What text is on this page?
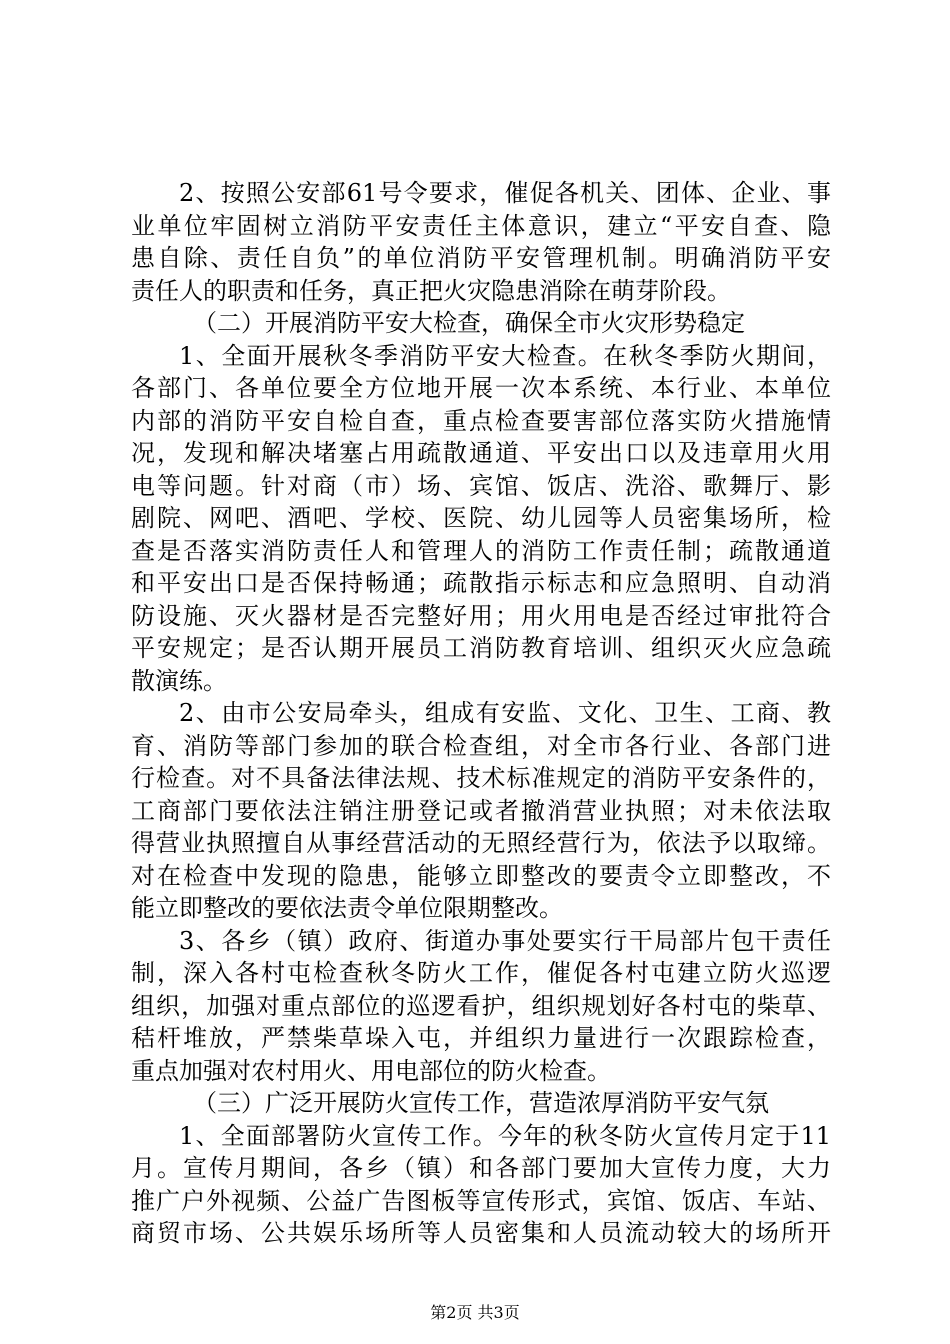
2、按照公安部61号令要求，催促各机关、团体、企业、事
业单位牢固树立消防平安责任主体意识，建立“平安自查、隐
患自除、责任自负”的单位消防平安管理机制。明确消防平安
责任人的职责和任务，真正把火灾隐患消除在萌芽阶段。
（二）开展消防平安大检查，确保全市火灾形势稳定
1、全面开展秋冬季消防平安大检查。在秋冬季防火期间，
各部门、各单位要全方位地开展一次本系统、本行业、本单位
内部的消防平安自检自查，重点检查要害部位落实防火措施情
况，发现和解决堵塞占用疏散通道、平安出口以及违章用火用
电等问题。针对商（市）场、宾馆、饭店、洗浴、歌舞厅、影
剧院、网吧、酒吧、学校、医院、幼儿园等人员密集场所，检
查是否落实消防责任人和管理人的消防工作责任制；疏散通道
和平安出口是否保持畅通；疏散指示标志和应急照明、自动消
防设施、灭火器材是否完整好用；用火用电是否经过审批符合
平安规定；是否认期开展员工消防教育培训、组织灭火应急疏
散演练。
2、由市公安局牵头，组成有安监、文化、卫生、工商、教
育、消防等部门参加的联合检查组，对全市各行业、各部门进
行检查。对不具备法律法规、技术标准规定的消防平安条件的，
工商部门要依法注销注册登记或者撤消营业执照；对未依法取
得营业执照擅自从事经营活动的无照经营行为，依法予以取缔。
对在检查中发现的隐患，能够立即整改的要责令立即整改，不
能立即整改的要依法责令单位限期整改。
3、各乡（镇）政府、街道办事处要实行干局部片包干责任
制，深入各村屯检查秋冬防火工作，催促各村屯建立防火巡逻
组织，加强对重点部位的巡逻看护，组织规划好各村屯的柴草、
秸杆堆放，严禁柴草垛入屯，并组织力量进行一次跟踪检查，
重点加强对农村用火、用电部位的防火检查。
（三）广泛开展防火宣传工作，营造浓厚消防平安气氛
1、全面部署防火宣传工作。今年的秋冬防火宣传月定于11
月。宣传月期间，各乡（镇）和各部门要加大宣传力度，大力
推广户外视频、公益广告图板等宣传形式，宾馆、饭店、车站、
商贸市场、公共娱乐场所等人员密集和人员流动较大的场所开
第2页 共3页
